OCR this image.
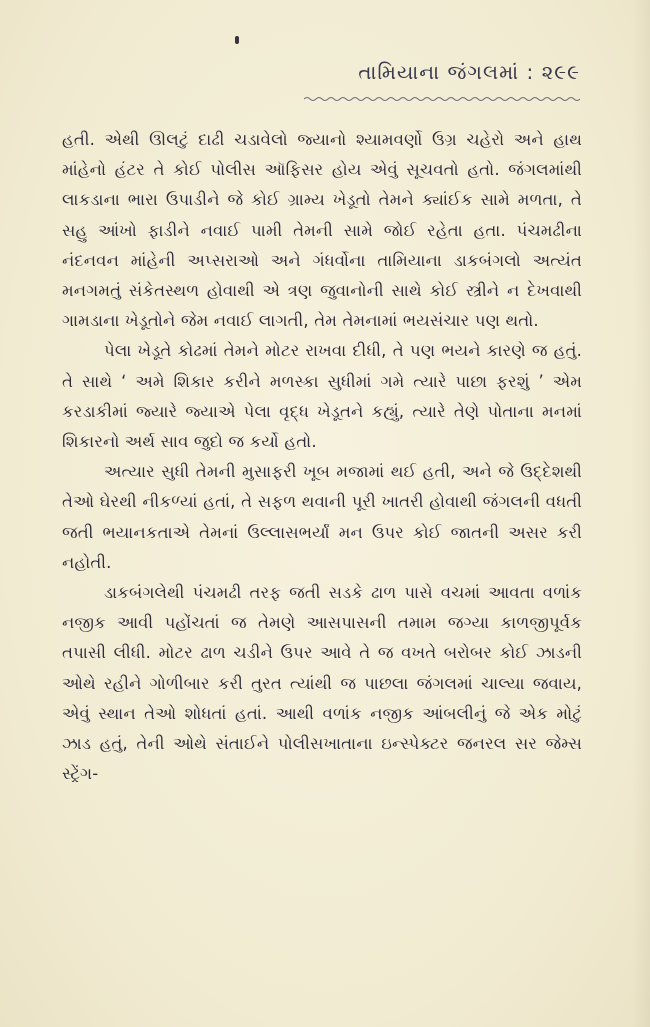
તામિયાના જંગલમાં : ૨૯૯

હતી. એથી ઊલટું દાઢી ચડાવેલો જ્યાનો શ્યામવર્ણો ઉગ્ર ચહેરો અને હાથ માંહેનો હંટર તે કોઈ પોલીસ ઑફિસર હોય એવું સૂચવતો હતો. જંગલમાંથી લાકડાના ભારા ઉપાડીને જે કોઈ ગ્રામ્ય ખેડૂતો તેમને ક્યાંઈક સામે મળતા, તે સહુ આંખો ફાડીને નવાઈ પામી તેમની સામે જોઈ રહેતા હતા. પંચમઢીના નંદનવન માંહેની અપ્સરાઓ અને ગંધર્વોના તામિયાના ડાકબંગલો અત્યંત મનગમતું સંકેતસ્થળ હોવાથી એ ત્રણ જુવાનોની સાથે કોઈ સ્ત્રીને ન દેખવાથી ગામડાના ખેડૂતોને જેમ નવાઈ લાગતી, તેમ તેમનામાં ભયસંચાર પણ થતો.

પેલા ખેડૂતે કોઢમાં તેમને મોટર રાખવા દીધી, તે પણ ભયને કારણે જ હતું. તે સાથે ‘ અમે શિકાર કરીને મળસ્કા સુધીમાં ગમે ત્યારે પાછા ફરશું ’ એમ કરડાકીમાં જ્યારે જ્યાએ પેલા વૃદ્ધ ખેડૂતને કહ્યું, ત્યારે તેણે પોતાના મનમાં શિકારનો અર્થ સાવ જુદો જ કર્યો હતો.

અત્યાર સુધી તેમની મુસાફરી ખૂબ મજામાં થઈ હતી, અને જે ઉદ્દેશથી તેઓ ઘેરથી નીકળ્યાં હતાં, તે સફળ થવાની પૂરી ખાતરી હોવાથી જંગલની વધતી જતી ભયાનકતાએ તેમનાં ઉલ્લાસભર્યાં મન ઉપર કોઈ જાતની અસર કરી નહોતી.

ડાકબંગલેથી પંચમઢી તરફ જતી સડકે ઢાળ પાસે વચમાં આવતા વળાંક નજીક આવી પહોંચતાં જ તેમણે આસપાસની તમામ જગ્યા કાળજીપૂર્વક તપાસી લીધી. મોટર ઢાળ ચડીને ઉપર આવે તે જ વખતે બરોબર કોઈ ઝાડની ઓથે રહીને ગોળીબાર કરી તુરત ત્યાંથી જ પાછલા જંગલમાં ચાલ્યા જવાય, એવું સ્થાન તેઓ શોધતાં હતાં. આથી વળાંક નજીક આંબલીનું જે એક મોટું ઝાડ હતું, તેની ઓથે સંતાઈને પોલીસખાતાના ઇન્સ્પેક્ટર જનરલ સર જેમ્સ સ્ટ્રેંગ-
